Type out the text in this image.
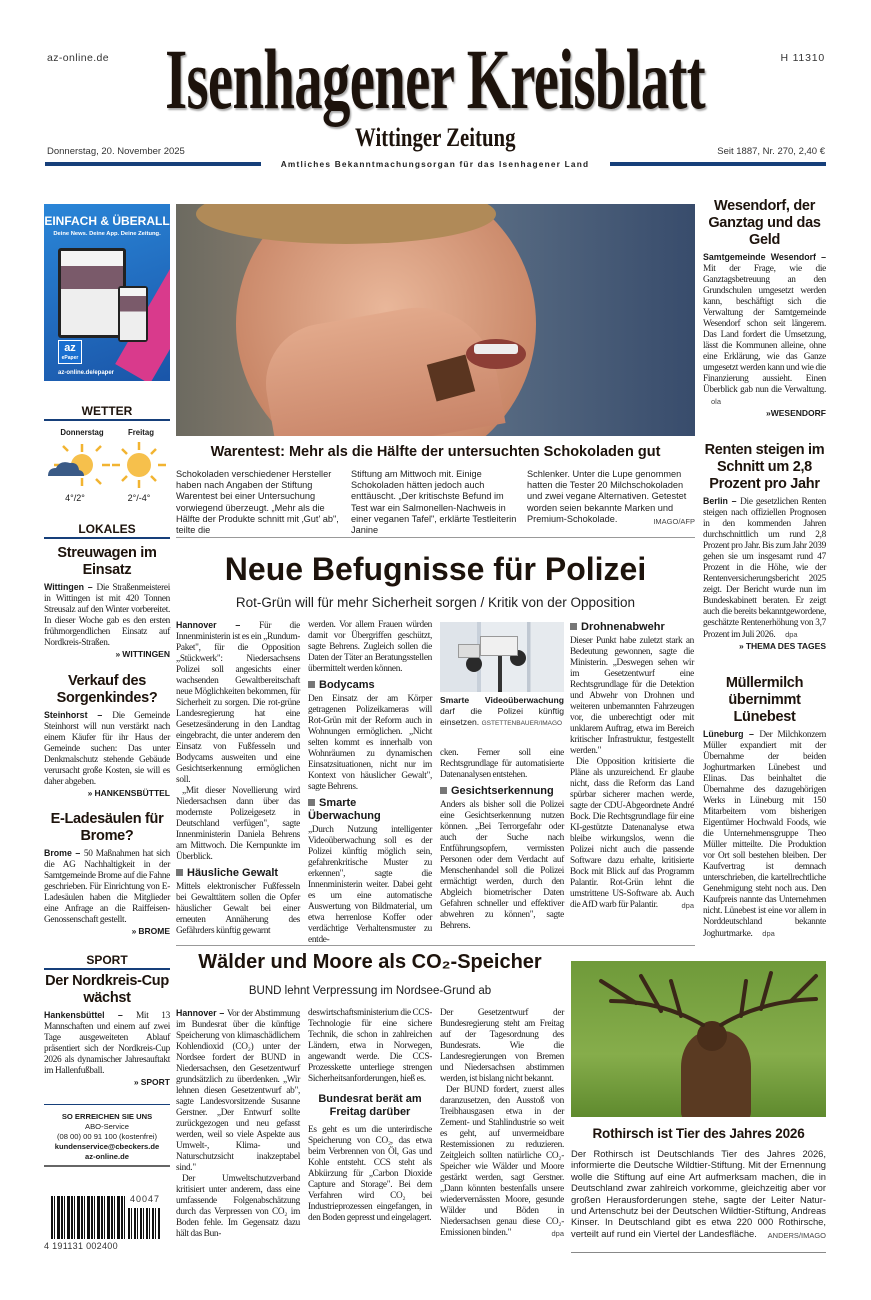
az-online.de	H 11310
Isenhagener Kreisblatt
Wittinger Zeitung
Donnerstag, 20. November 2025	Seit 1887, Nr. 270, 2,40 €
Amtliches Bekanntmachungsorgan für das Isenhagener Land
EINFACH & ÜBERALL
Deine News. Deine App. Deine Zeitung.
az
ePaper
az-online.de/epaper
WETTER
Donnerstag	Freitag
4°/2°	2°/-4°
LOKALES
Streuwagen im Einsatz

Wittingen – Die Straßenmeisterei in Wittingen ist mit 420 Tonnen Streusalz auf den Winter vorbereitet. In dieser Woche gab es den ersten frühmorgendlichen Einsatz auf Nordkreis-Straßen.

» WITTINGEN
Verkauf des Sorgenkindes?

Steinhorst – Die Gemeinde Steinhorst will nun verstärkt nach einem Käufer für ihr Haus der Gemeinde suchen: Das unter Denkmalschutz stehende Gebäude verursacht große Kosten, sie will es daher abgeben.

» HANKENSBÜTTEL
E-Ladesäulen für Brome?

Brome – 50 Maßnahmen hat sich die AG Nachhaltigkeit in der Samtgemeinde Brome auf die Fahne geschrieben. Für Einrichtung von E-Ladesäulen haben die Mitglieder eine Anfrage an die Raiffeisen-Genossenschaft gestellt.

» BROME
SPORT
Der Nordkreis-Cup wächst

Hankensbüttel – Mit 13 Mannschaften und einem auf zwei Tage ausgeweiteten Ablauf präsentiert sich der Nordkreis-Cup 2026 als dynamischer Jahresauftakt im Hallenfußball.

» SPORT
SO ERREICHEN SIE UNS
ABO-Service
(08 00) 00 91 100 (kostenfrei)
kundenservice@cbeckers.de
az-online.de
40047
4 191131 002400
Warentest: Mehr als die Hälfte der untersuchten Schokoladen gut
Schokoladen verschiedener Hersteller haben nach Angaben der Stiftung Warentest bei einer Untersuchung vorwiegend überzeugt. „Mehr als die Hälfte der Produkte schnitt mit ‚Gut' ab", teilte die
Stiftung am Mittwoch mit. Einige Schokoladen hätten jedoch auch enttäuscht. „Der kritischste Befund im Test war ein Salmonellen-Nachweis in einer veganen Tafel", erklärte Testleiterin Janine
Schlenker. Unter die Lupe genommen hatten die Tester 20 Milchschokoladen und zwei vegane Alternativen. Getestet worden seien bekannte Marken und Premium-Schokolade.	IMAGO/AFP
Neue Befugnisse für Polizei
Rot-Grün will für mehr Sicherheit sorgen / Kritik von der Opposition

Hannover – Für die Innenministerin ist es ein „Rundum-Paket", für die Opposition „Stückwerk": Niedersachsens Polizei soll angesichts einer wachsenden Gewaltbereitschaft neue Möglichkeiten bekommen, für Sicherheit zu sorgen. Die rot-grüne Landesregierung hat eine Gesetzesänderung in den Landtag eingebracht, die unter anderem den Einsatz von Fußfesseln und Bodycams ausweiten und eine Gesichtserkennung ermöglichen soll.

„Mit dieser Novellierung wird Niedersachsen dann über das modernste Polizeigesetz in Deutschland verfügen", sagte Innenministerin Daniela Behrens am Mittwoch. Die Kernpunkte im Überblick.

Häusliche Gewalt

Mittels elektronischer Fußfesseln bei Gewalttätern sollen die Opfer häuslicher Gewalt bei einer erneuten Annäherung des Gefährders künftig gewarnt

werden. Vor allem Frauen würden damit vor Übergriffen geschützt, sagte Behrens. Zugleich sollen die Daten der Täter an Beratungsstellen übermittelt werden können.

Bodycams

Den Einsatz der am Körper getragenen Polizeikameras will Rot-Grün mit der Reform auch in Wohnungen ermöglichen. „Nicht selten kommt es innerhalb von Wohnräumen zu dynamischen Einsatzsituationen, nicht nur im Kontext von häuslicher Gewalt", sagte Behrens.

Smarte Überwachung

„Durch Nutzung intelligenter Videoüberwachung soll es der Polizei künftig möglich sein, gefahrenkritische Muster zu erkennen", sagte die Innenministerin weiter. Dabei geht es um eine automatische Auswertung von Bildmaterial, um etwa herrenlose Koffer oder verdächtige Verhaltensmuster zu entde-

Smarte Videoüberwachung darf die Polizei künftig einsetzen. GSTETTENBAUER/IMAGO

cken. Ferner soll eine Rechtsgrundlage für automatisierte Datenanalysen entstehen.

Gesichtserkennung

Anders als bisher soll die Polizei eine Gesichtserkennung nutzen können. „Bei Terrorgefahr oder auch der Suche nach Entführungsopfern, vermissten Personen oder dem Verdacht auf Menschenhandel soll die Polizei ermächtigt werden, durch den Abgleich biometrischer Daten Gefahren schneller und effektiver abwehren zu können", sagte Behrens.

Drohnenabwehr

Dieser Punkt habe zuletzt stark an Bedeutung gewonnen, sagte die Ministerin. „Deswegen sehen wir im Gesetzentwurf eine Rechtsgrundlage für die Detektion und Abwehr von Drohnen und weiteren unbemannten Fahrzeugen vor, die unberechtigt oder mit unklarem Auftrag, etwa im Bereich kritischer Infrastruktur, festgestellt werden."

Die Opposition kritisierte die Pläne als unzureichend. Er glaube nicht, dass die Reform das Land spürbar sicherer machen werde, sagte der CDU-Abgeordnete André Bock. Die Rechtsgrundlage für eine KI-gestützte Datenanalyse etwa bleibe wirkungslos, wenn die Polizei nicht auch die passende Software dazu erhalte, kritisierte Bock mit Blick auf das Programm Palantir. Rot-Grün lehnt die umstrittene US-Software ab. Auch die AfD warb für Palantir.	dpa

Wälder und Moore als CO₂-Speicher
BUND lehnt Verpressung im Nordsee-Grund ab

Hannover – Vor der Abstimmung im Bundesrat über die künftige Speicherung von klimaschädlichem Kohlendioxid (CO₂) unter der Nordsee fordert der BUND in Niedersachsen, den Gesetzentwurf grundsätzlich zu überdenken. „Wir lehnen diesen Gesetzentwurf ab", sagte Landesvorsitzende Susanne Gerstner. „Der Entwurf sollte zurückgezogen und neu gefasst werden, weil so viele Aspekte aus Umwelt-, Klima- und Naturschutzsicht inakzeptabel sind."

Der Umweltschutzverband kritisiert unter anderem, dass eine umfassende Folgenabschätzung durch das Verpressen von CO₂ im Boden fehle. Im Gegensatz dazu hält das Bun-

deswirtschaftsministerium die CCS-Technologie für eine sichere Technik, die schon in zahlreichen Ländern, etwa in Norwegen, angewandt werde. Die CCS-Prozesskette unterliege strengen Sicherheitsanforderungen, hieß es.

Bundesrat berät am Freitag darüber

Es geht es um die unterirdische Speicherung von CO₂, das etwa beim Verbrennen von Öl, Gas und Kohle entsteht. CCS steht als Abkürzung für „Carbon Dioxide Capture and Storage". Bei dem Verfahren wird CO₂ bei Industrieprozessen eingefangen, in den Boden gepresst und eingelagert.

Der Gesetzentwurf der Bundesregierung steht am Freitag auf der Tagesordnung des Bundesrats. Wie die Landesregierungen von Bremen und Niedersachsen abstimmen werden, ist bislang nicht bekannt.

Der BUND fordert, zuerst alles daranzusetzen, den Ausstoß von Treibhausgasen etwa in der Zement- und Stahlindustrie so weit es geht, auf unvermeidbare Restemissionen zu reduzieren. Zeitgleich sollten natürliche CO₂-Speicher wie Wälder und Moore gestärkt werden, sagt Gerstner. „Dann könnten bestenfalls unsere wiedervernässten Moore, gesunde Wälder und Böden in Niedersachsen genau diese CO₂-Emissionen binden."	dpa

Rothirsch ist Tier des Jahres 2026
Der Rothirsch ist Deutschlands Tier des Jahres 2026, informierte die Deutsche Wildtier-Stiftung. Mit der Ernennung wolle die Stiftung auf eine Art aufmerksam machen, die in Deutschland zwar zahlreich vorkomme, gleichzeitig aber vor großen Herausforderungen stehe, sagte der Leiter Natur- und Artenschutz bei der Deutschen Wildtier-Stiftung, Andreas Kinser. In Deutschland gibt es etwa 220 000 Rothirsche, verteilt auf rund ein Viertel der Landesfläche. ANDERS/IMAGO
Wesendorf, der Ganztag und das Geld

Samtgemeinde Wesendorf – Mit der Frage, wie die Ganztagsbetreuung an den Grundschulen umgesetzt werden kann, beschäftigt sich die Verwaltung der Samtgemeinde Wesendorf schon seit längerem. Das Land fordert die Umsetzung, lässt die Kommunen alleine, ohne eine Erklärung, wie das Ganze umgesetzt werden kann und wie die Finanzierung aussieht. Einen Überblick gab nun die Verwaltung. ola

»WESENDORF
Renten steigen im Schnitt um 2,8 Prozent pro Jahr

Berlin – Die gesetzlichen Renten steigen nach offiziellen Prognosen in den kommenden Jahren durchschnittlich um rund 2,8 Prozent pro Jahr. Bis zum Jahr 2039 gehen sie um insgesamt rund 47 Prozent in die Höhe, wie der Rentenversicherungsbericht 2025 zeigt. Der Bericht wurde nun im Bundeskabinett beraten. Er zeigt auch die bereits bekanntgewordene, geschätzte Rentenerhöhung von 3,7 Prozent im Juli 2026. dpa

» THEMA DES TAGES
Müllermilch übernimmt Lünebest

Lüneburg – Der Milchkonzern Müller expandiert mit der Übernahme der beiden Joghurtmarken Lünebest und Elinas. Das beinhaltet die Übernahme des dazugehörigen Werks in Lüneburg mit 150 Mitarbeitern vom bisherigen Eigentümer Hochwald Foods, wie die Unternehmensgruppe Theo Müller mitteilte. Die Produktion vor Ort soll bestehen bleiben. Der Kaufvertrag ist demnach unterschrieben, die kartellrechtliche Genehmigung steht noch aus. Den Kaufpreis nannte das Unternehmen nicht. Lünebest ist eine vor allem in Norddeutschland bekannte Joghurtmarke. dpa
